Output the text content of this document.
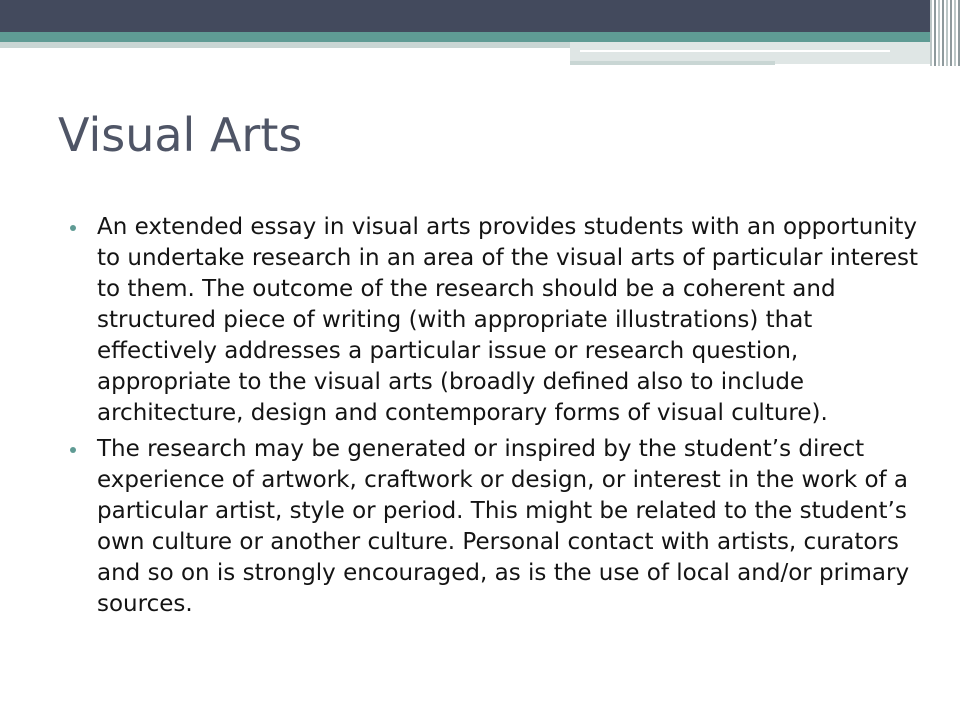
Visual Arts
An extended essay in visual arts provides students with an opportunity to undertake research in an area of the visual arts of particular interest to them. The outcome of the research should be a coherent and structured piece of writing (with appropriate illustrations) that effectively addresses a particular issue or research question, appropriate to the visual arts (broadly defined also to include architecture, design and contemporary forms of visual culture).
The research may be generated or inspired by the student’s direct experience of artwork, craftwork or design, or interest in the work of a particular artist, style or period. This might be related to the student’s own culture or another culture. Personal contact with artists, curators and so on is strongly encouraged, as is the use of local and/or primary sources.
